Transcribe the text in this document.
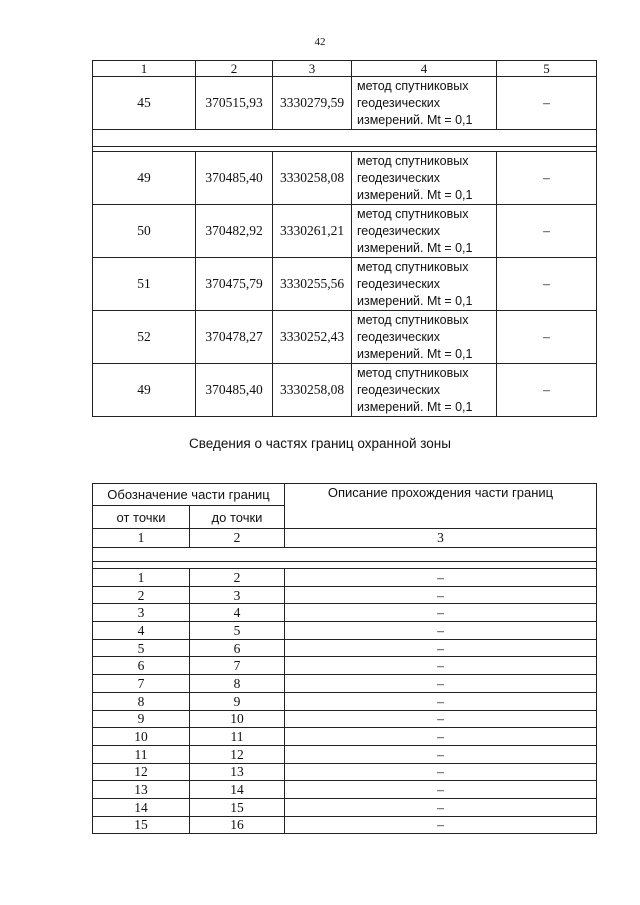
42
1	2	3	4	5
45	370515,93	3330279,59	метод спутниковых
геодезических
измерений. Mt = 0,1	–

49	370485,40	3330258,08	метод спутниковых
геодезических
измерений. Mt = 0,1	–
50	370482,92	3330261,21	метод спутниковых
геодезических
измерений. Mt = 0,1	–
51	370475,79	3330255,56	метод спутниковых
геодезических
измерений. Mt = 0,1	–
52	370478,27	3330252,43	метод спутниковых
геодезических
измерений. Mt = 0,1	–
49	370485,40	3330258,08	метод спутниковых
геодезических
измерений. Mt = 0,1	–
Сведения о частях границ охранной зоны
Обозначение части границ		Описание прохождения части границ
от точки	до точки	
1	2	3

1	2	–
2	3	–
3	4	–
4	5	–
5	6	–
6	7	–
7	8	–
8	9	–
9	10	–
10	11	–
11	12	–
12	13	–
13	14	–
14	15	–
15	16	–
